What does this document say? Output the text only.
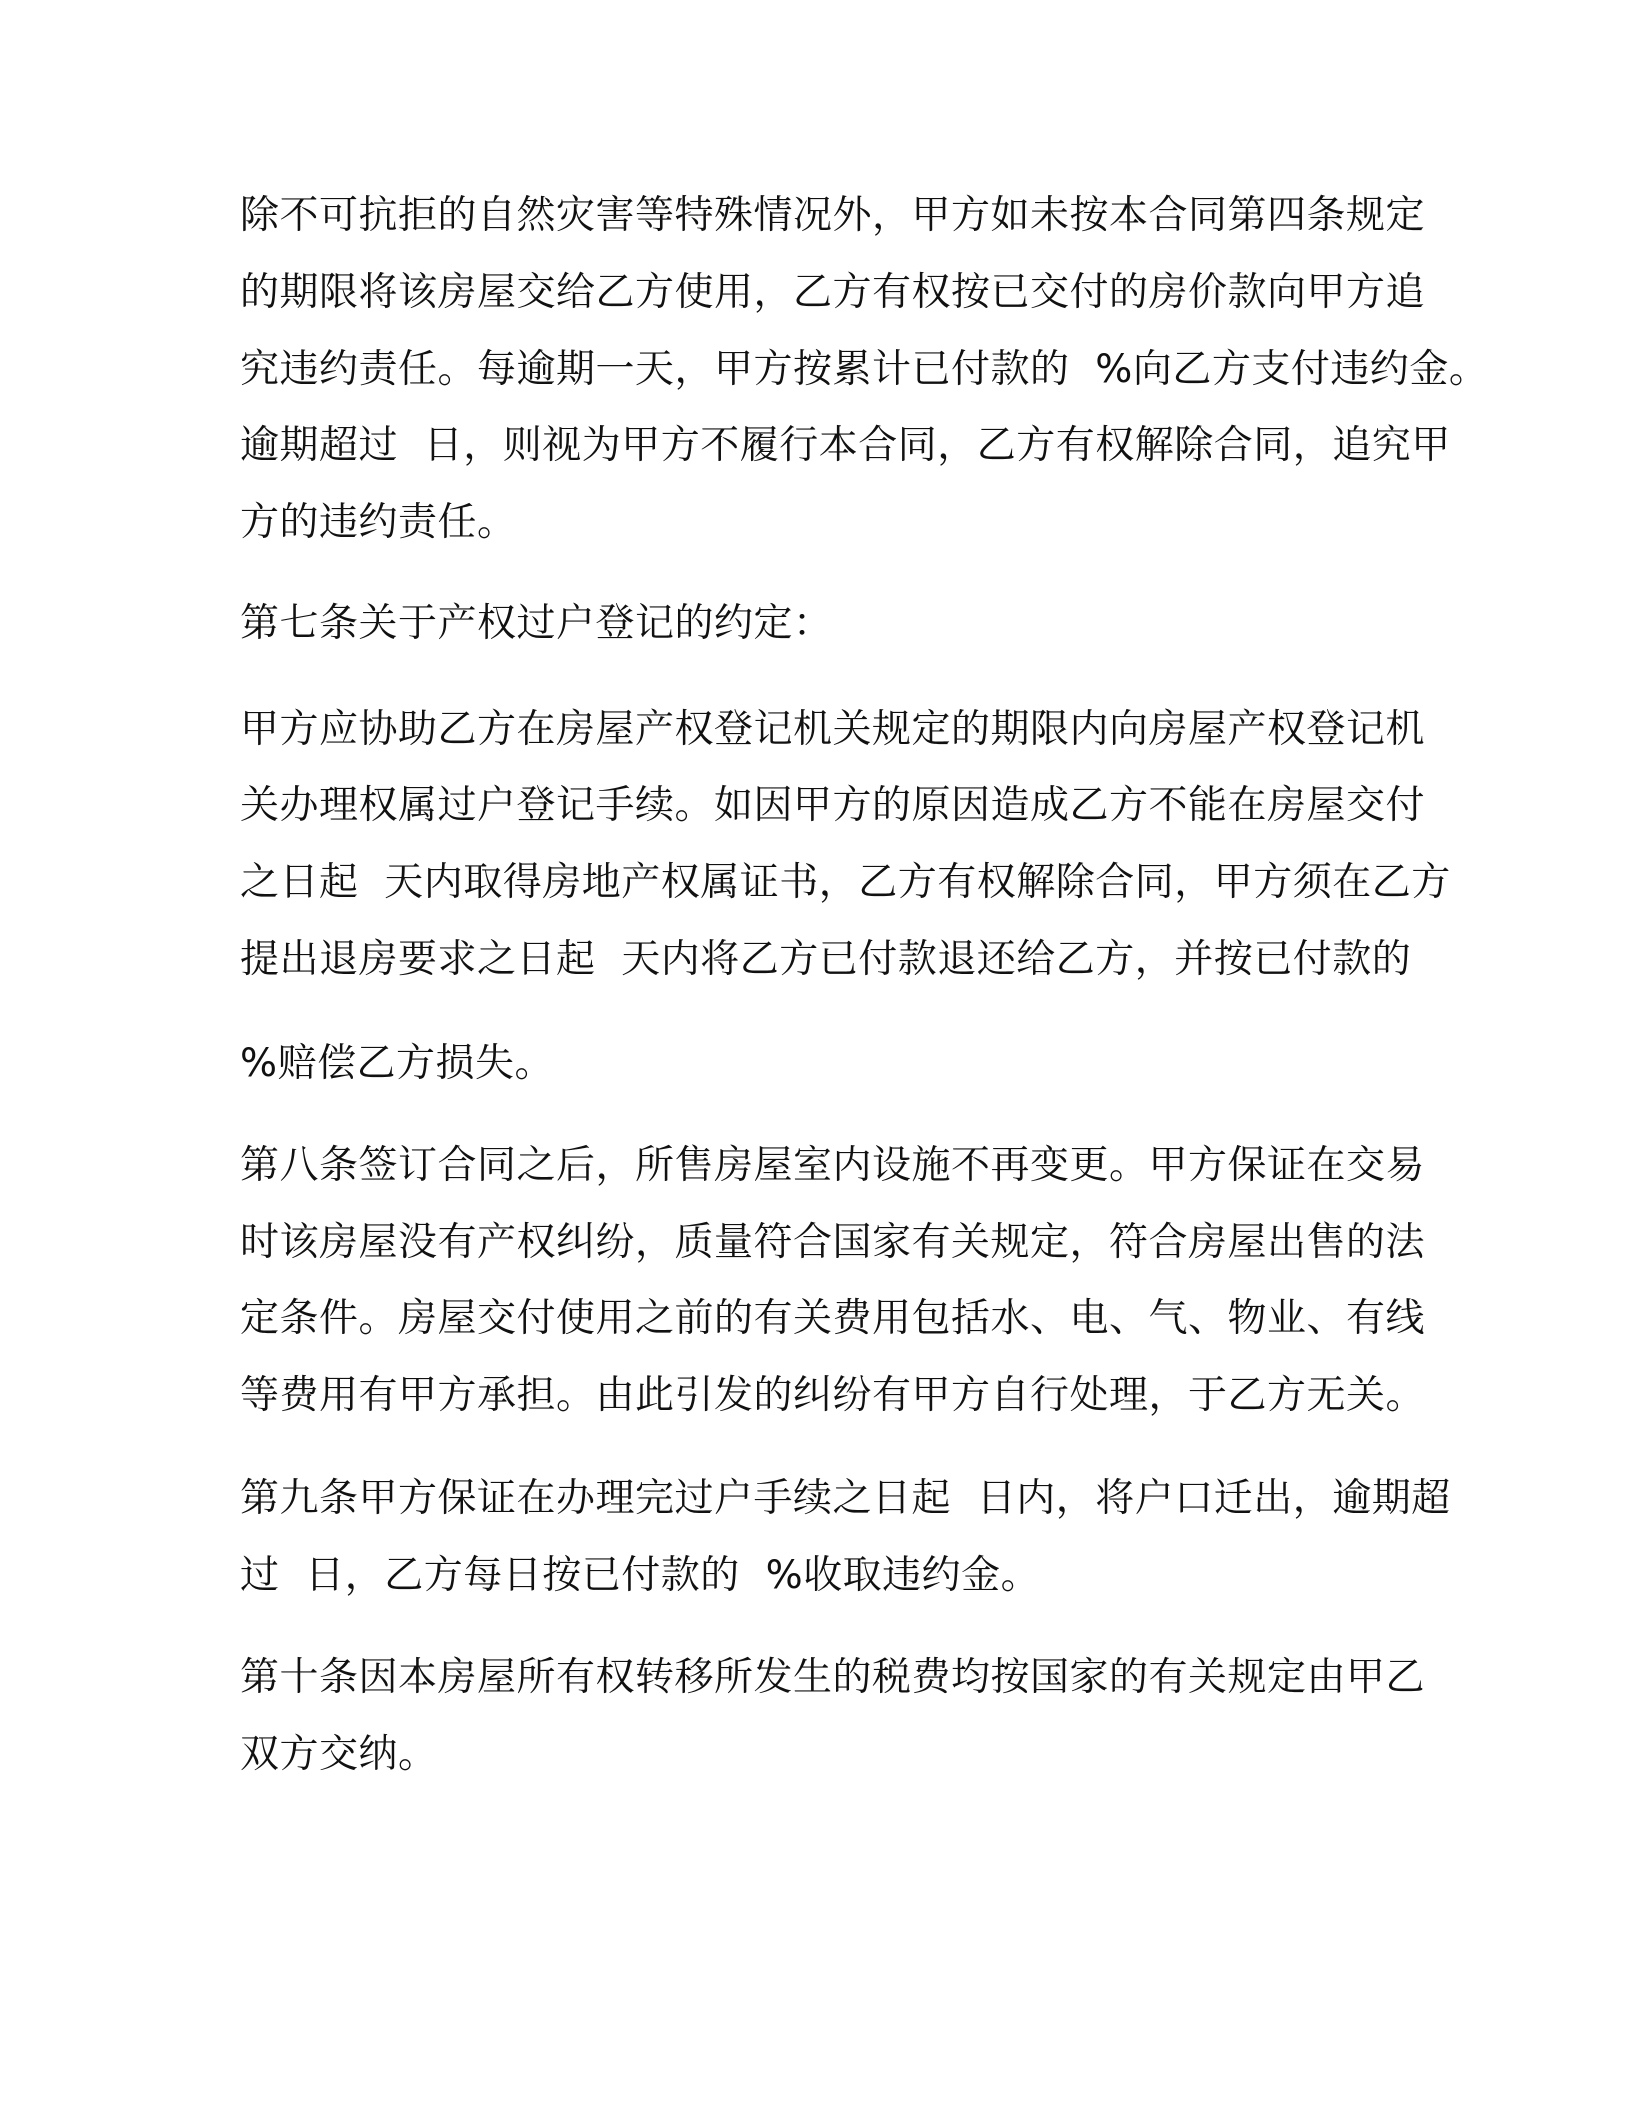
除不可抗拒的自然灾害等特殊情况外，甲方如未按本合同第四条规定

的期限将该房屋交给乙方使用，乙方有权按已交付的房价款向甲方追

究违约责任。每逾期一天，甲方按累计已付款的  %向乙方支付违约金。

逾期超过  日，则视为甲方不履行本合同，乙方有权解除合同，追究甲

方的违约责任。

第七条关于产权过户登记的约定：

甲方应协助乙方在房屋产权登记机关规定的期限内向房屋产权登记机

关办理权属过户登记手续。如因甲方的原因造成乙方不能在房屋交付

之日起  天内取得房地产权属证书，乙方有权解除合同，甲方须在乙方

提出退房要求之日起  天内将乙方已付款退还给乙方，并按已付款的

%赔偿乙方损失。

第八条签订合同之后，所售房屋室内设施不再变更。甲方保证在交易

时该房屋没有产权纠纷，质量符合国家有关规定，符合房屋出售的法

定条件。房屋交付使用之前的有关费用包括水、电、气、物业、有线

等费用有甲方承担。由此引发的纠纷有甲方自行处理，于乙方无关。

第九条甲方保证在办理完过户手续之日起  日内，将户口迁出，逾期超

过  日，乙方每日按已付款的  %收取违约金。

第十条因本房屋所有权转移所发生的税费均按国家的有关规定由甲乙

双方交纳。
